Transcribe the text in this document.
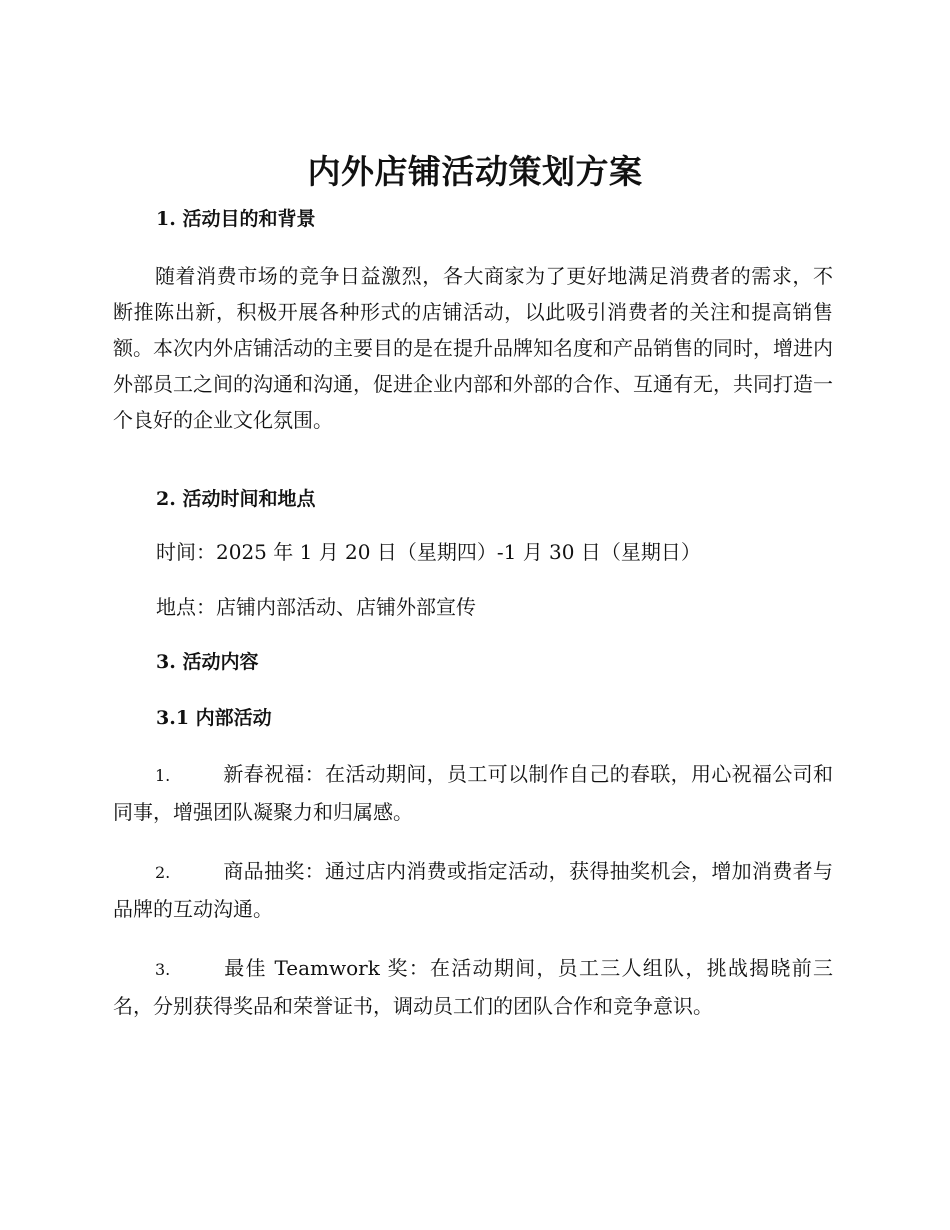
内外店铺活动策划方案
1. 活动目的和背景
随着消费市场的竞争日益激烈，各大商家为了更好地满足消费者的需求，不断推陈出新，积极开展各种形式的店铺活动，以此吸引消费者的关注和提高销售额。本次内外店铺活动的主要目的是在提升品牌知名度和产品销售的同时，增进内外部员工之间的沟通和沟通，促进企业内部和外部的合作、互通有无，共同打造一个良好的企业文化氛围。
2. 活动时间和地点
时间：2025 年 1 月 20 日（星期四）-1 月 30 日（星期日）
地点：店铺内部活动、店铺外部宣传
3. 活动内容
3.1 内部活动
1.	新春祝福：在活动期间，员工可以制作自己的春联，用心祝福公司和同事，增强团队凝聚力和归属感。
2.	商品抽奖：通过店内消费或指定活动，获得抽奖机会，增加消费者与品牌的互动沟通。
3.	最佳 Teamwork 奖：在活动期间，员工三人组队，挑战揭晓前三名，分别获得奖品和荣誉证书，调动员工们的团队合作和竞争意识。
